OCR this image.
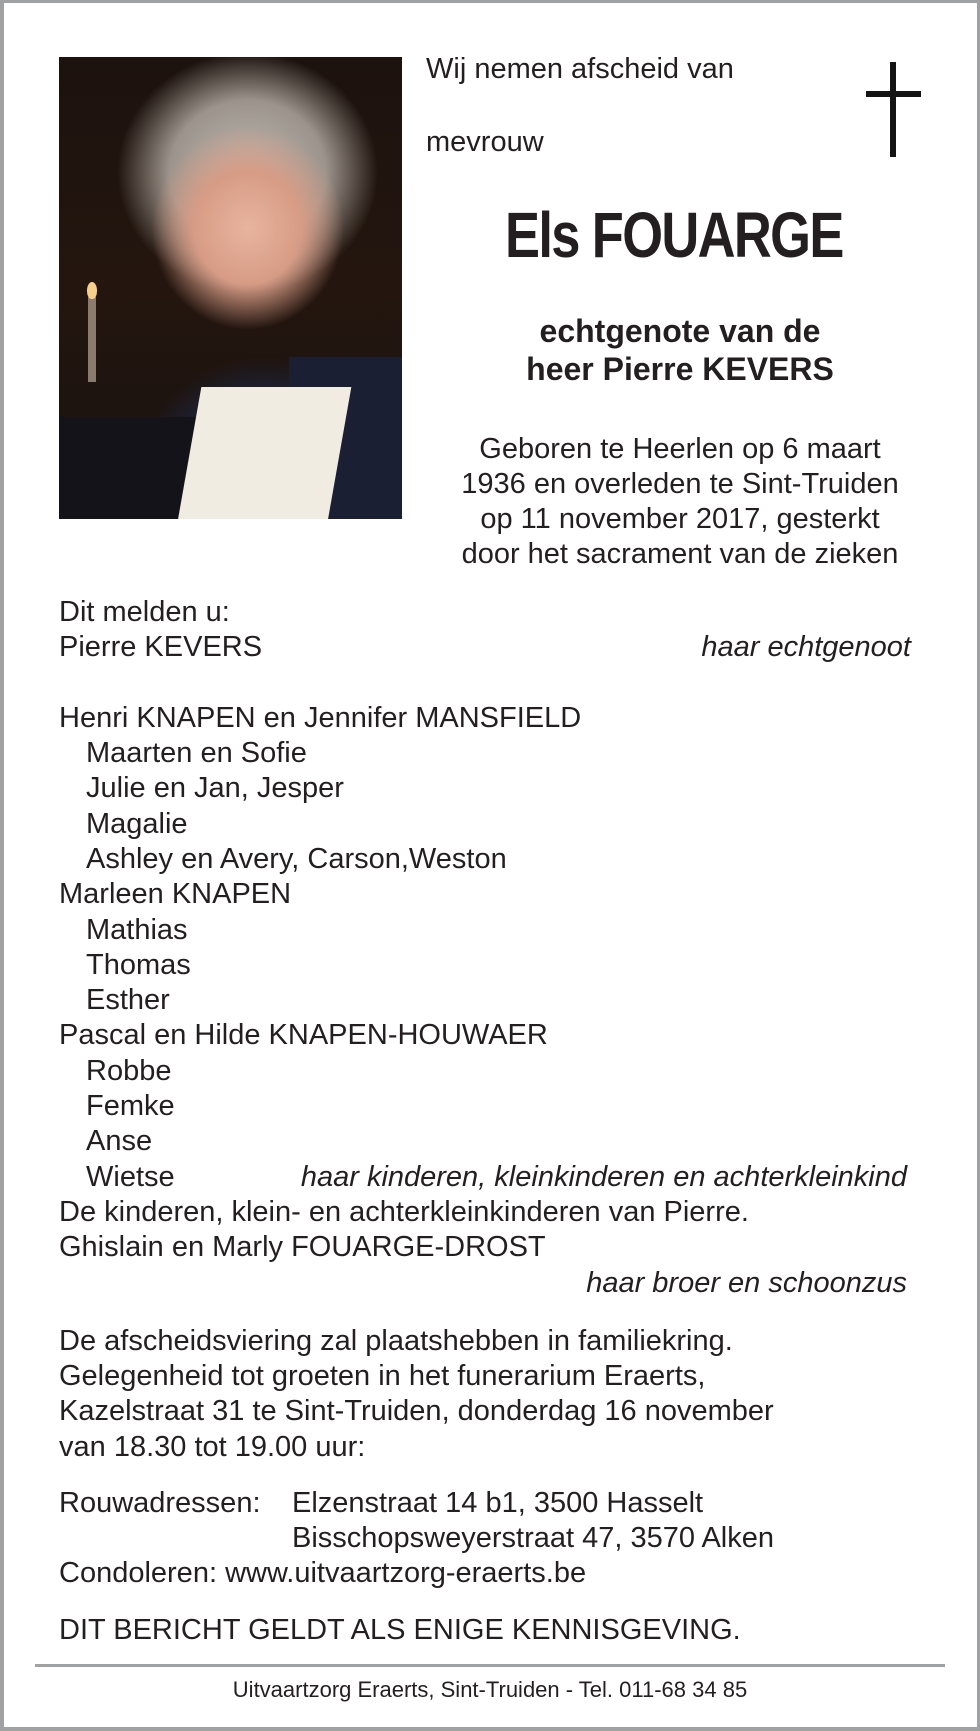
Wij nemen afscheid van
mevrouw
Els FOUARGE
echtgenote van de
heer Pierre KEVERS
Geboren te Heerlen op 6 maart
1936 en overleden te Sint-Truiden
op 11 november 2017, gesterkt
door het sacrament van de zieken
Dit melden u:
Pierre KEVERS	haar echtgenoot
Henri KNAPEN en Jennifer MANSFIELD
Maarten en Sofie
Julie en Jan, Jesper
Magalie
Ashley en Avery, Carson,Weston
Marleen KNAPEN
Mathias
Thomas
Esther
Pascal en Hilde KNAPEN-HOUWAER
Robbe
Femke
Anse
Wietse	haar kinderen, kleinkinderen en achterkleinkind
De kinderen, klein- en achterkleinkinderen van Pierre.
Ghislain en Marly FOUARGE-DROST
haar broer en schoonzus
De afscheidsviering zal plaatshebben in familiekring.
Gelegenheid tot groeten in het funerarium Eraerts,
Kazelstraat 31 te Sint-Truiden, donderdag 16 november
van 18.30 tot 19.00 uur:
Rouwadressen: Elzenstraat 14 b1, 3500 Hasselt
Bisschopsweyerstraat 47, 3570 Alken
Condoleren: www.uitvaartzorg-eraerts.be
DIT BERICHT GELDT ALS ENIGE KENNISGEVING.
Uitvaartzorg Eraerts, Sint-Truiden - Tel. 011-68 34 85
